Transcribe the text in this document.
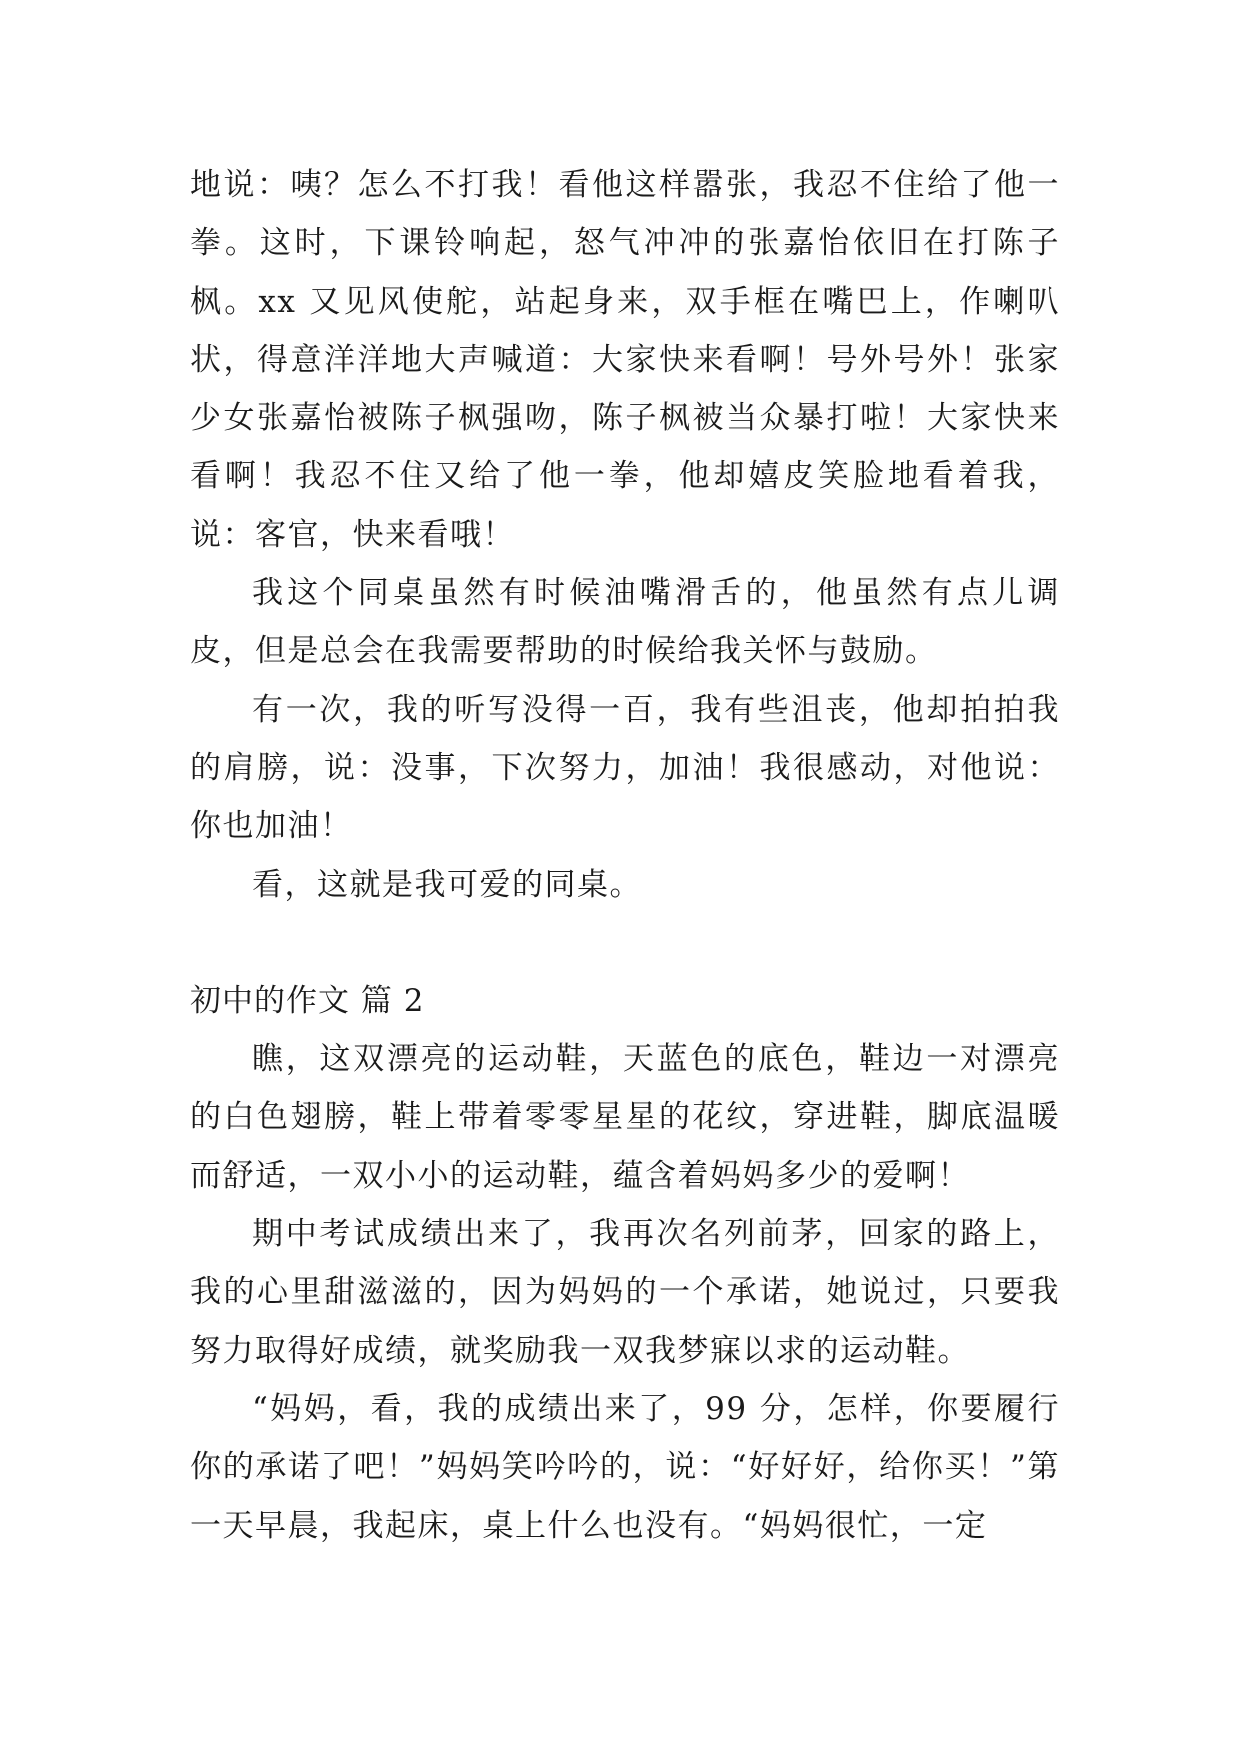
地说：咦？怎么不打我！看他这样嚣张，我忍不住给了他一拳。这时，下课铃响起，怒气冲冲的张嘉怡依旧在打陈子枫。xx 又见风使舵，站起身来，双手框在嘴巴上，作喇叭状，得意洋洋地大声喊道：大家快来看啊！号外号外！张家少女张嘉怡被陈子枫强吻，陈子枫被当众暴打啦！大家快来看啊！我忍不住又给了他一拳，他却嬉皮笑脸地看着我，说：客官，快来看哦！

我这个同桌虽然有时候油嘴滑舌的，他虽然有点儿调皮，但是总会在我需要帮助的时候给我关怀与鼓励。

有一次，我的听写没得一百，我有些沮丧，他却拍拍我的肩膀，说：没事，下次努力，加油！我很感动，对他说：你也加油！

看，这就是我可爱的同桌。

初中的作文 篇 2

瞧，这双漂亮的运动鞋，天蓝色的底色，鞋边一对漂亮的白色翅膀，鞋上带着零零星星的花纹，穿进鞋，脚底温暖而舒适，一双小小的运动鞋，蕴含着妈妈多少的爱啊！

期中考试成绩出来了，我再次名列前茅，回家的路上，我的心里甜滋滋的，因为妈妈的一个承诺，她说过，只要我努力取得好成绩，就奖励我一双我梦寐以求的运动鞋。

“妈妈，看，我的成绩出来了，99 分，怎样，你要履行你的承诺了吧！”妈妈笑吟吟的，说：“好好好，给你买！”第一天早晨，我起床，桌上什么也没有。“妈妈很忙，一定
